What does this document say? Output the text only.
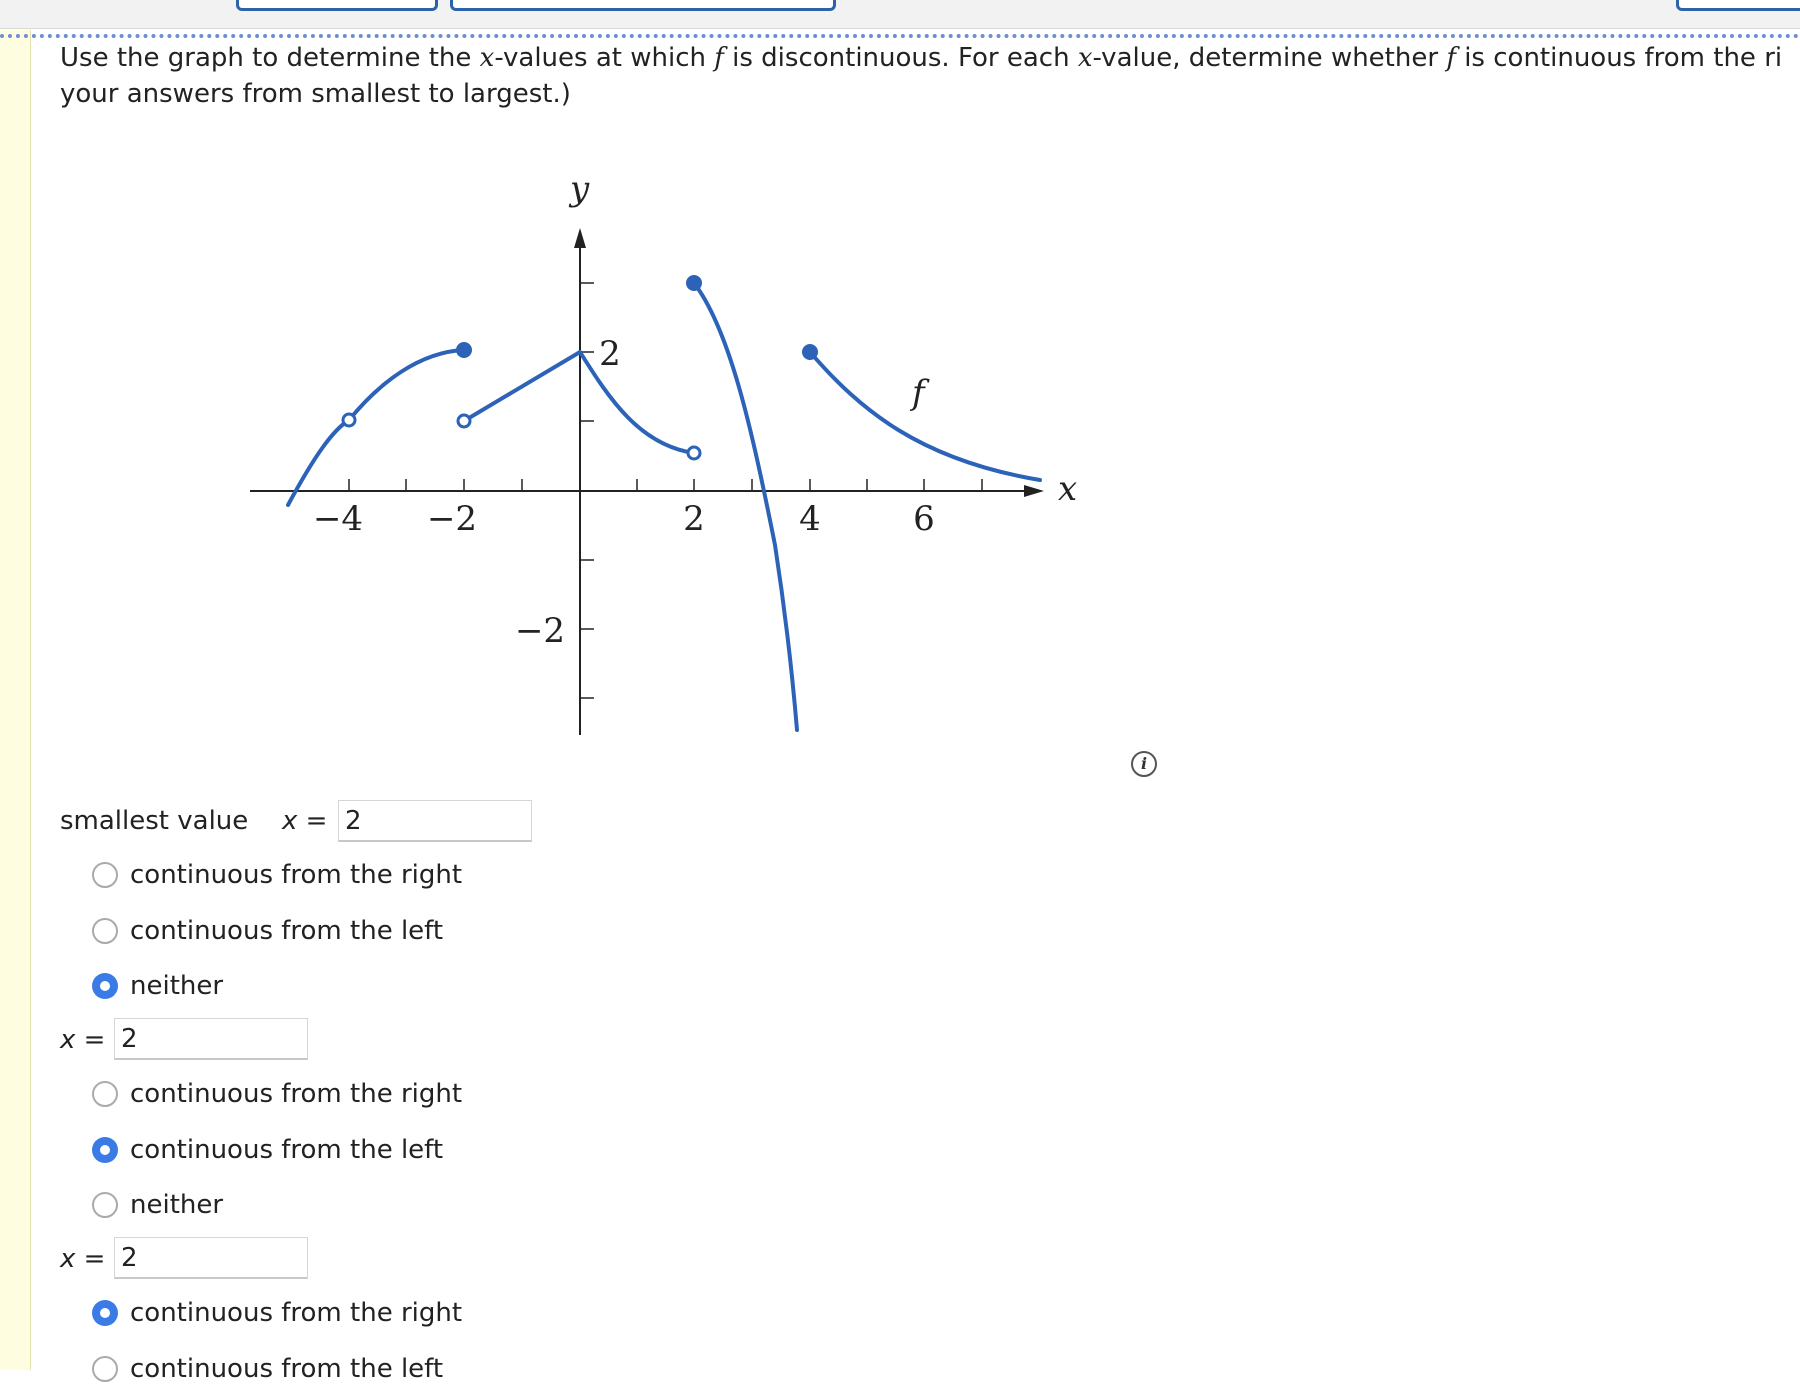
Use the graph to determine the x-values at which f is discontinuous. For each x-value, determine whether f is continuous from the ri
your answers from smallest to largest.)
−4 −2	2	4	6
2
−2
y
x
f
i
smallest value x = 2
continuous from the right
continuous from the left
neither
x = 2
continuous from the right
continuous from the left
neither
x = 2
continuous from the right
continuous from the left
